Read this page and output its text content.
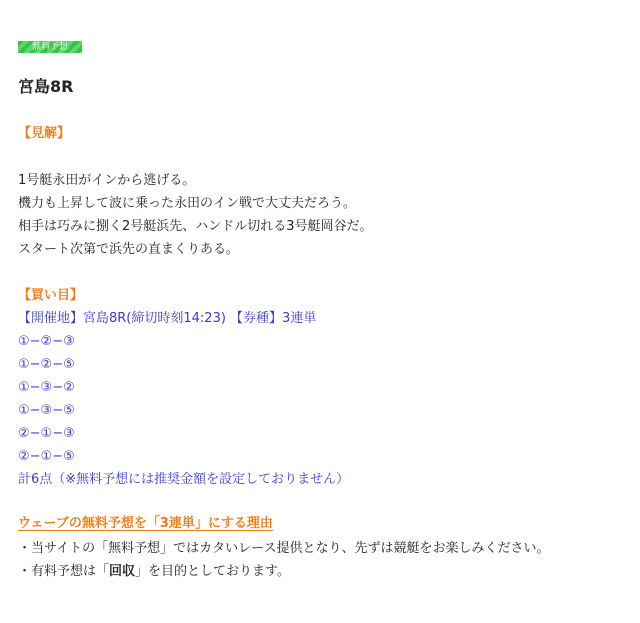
無料予想
宮島8R
【見解】
1号艇永田がインから逃げる。
機力も上昇して波に乗った永田のイン戦で大丈夫だろう。
相手は巧みに捌く2号艇浜先、ハンドル切れる3号艇岡谷だ。
スタート次第で浜先の直まくりある。
【買い目】
【開催地】宮島8R(締切時刻14:23) 【券種】3連単
①−②−③
①−②−⑤
①−③−②
①−③−⑤
②−①−③
②−①−⑤
計6点（※無料予想には推奨金額を設定しておりません）
ウェーブの無料予想を「3連単」にする理由
・当サイトの「無料予想」ではカタいレース提供となり、先ずは競艇をお楽しみください。
・有料予想は「回収」を目的としております。
